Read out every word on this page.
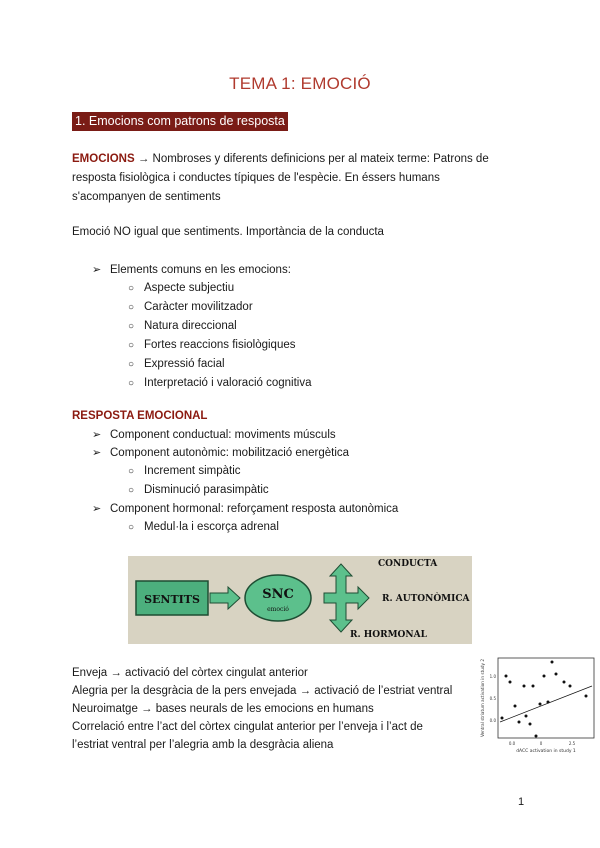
TEMA 1: EMOCIÓ
1. Emocions com patrons de resposta
EMOCIONS → Nombroses y diferents definicions per al mateix terme: Patrons de
resposta fisiològica i conductes típiques de l'espècie. En éssers humans
s'acompanyen de sentiments
Emoció NO igual que sentiments. Importància de la conducta
➢ Elements comuns en les emocions:
○ Aspecte subjectiu
○ Caràcter movilitzador
○ Natura direccional
○ Fortes reaccions fisiològiques
○ Expressió facial
○ Interpretació i valoració cognitiva
RESPOSTA EMOCIONAL
➢ Component conductual: moviments músculs
➢ Component autonòmic: mobilització energètica
○ Increment simpàtic
○ Disminució parasimpàtic
➢ Component hormonal: reforçament resposta autonòmica
○ Medul·la i escorça adrenal
SENTITS	SNC
emoció
CONDUCTA
R. AUTONÒMICA
R. HORMONAL
Enveja → activació del còrtex cingulat anterior
Alegria per la desgràcia de la pers envejada → activació de l’estriat ventral
Neuroimatge → bases neurals de les emocions en humans
Correlació entre l’act del còrtex cingulat anterior per l’enveja i l’act de
l’estriat ventral per l’alegria amb la desgràcia aliena
Ventral striatum activation in study 2
dACC activation in study 1
0.0	0	2.5
1.0
0.5
0.0
1
